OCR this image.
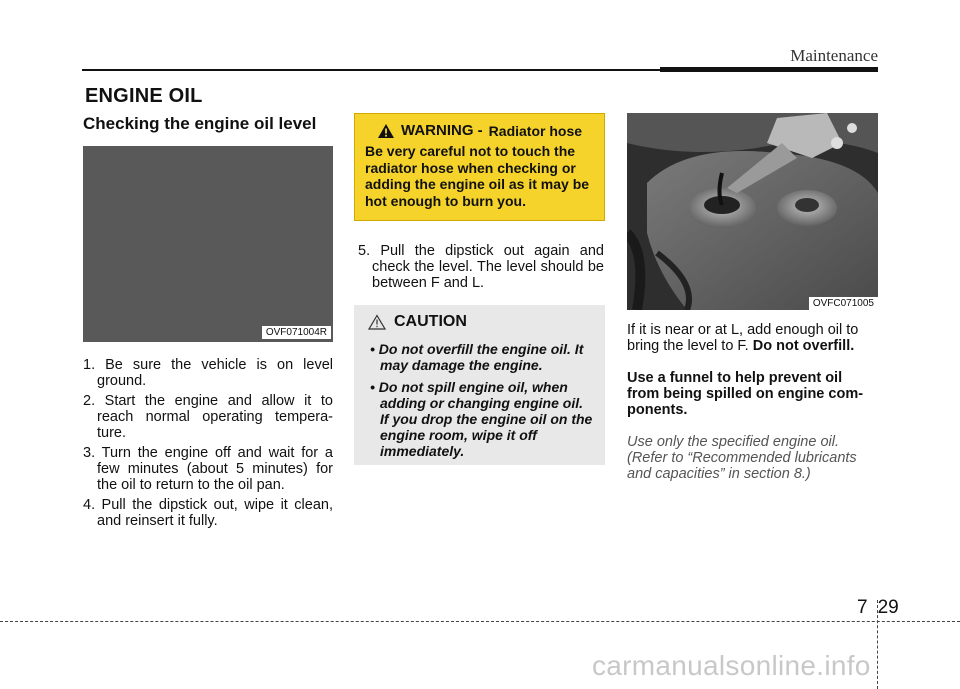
Maintenance
ENGINE OIL
Checking the engine oil level
OVF071004R
1. Be sure the vehicle is on level ground.
2. Start the engine and allow it to reach normal operating tempera-ture.
3. Turn the engine off and wait for a few minutes (about 5 minutes) for the oil to return to the oil pan.
4. Pull the dipstick out, wipe it clean, and reinsert it fully.
WARNING - Radiator hose
Be very careful not to touch the radiator hose when checking or adding the engine oil as it may be hot enough to burn you.
5. Pull the dipstick out again and check the level. The level should be between F and L.
CAUTION
• Do not overfill the engine oil. It may damage the engine.
• Do not spill engine oil, when adding or changing engine oil. If you drop the engine oil on the engine room, wipe it off immediately.
OVFC071005

If it is near or at L, add enough oil to bring the level to F. Do not overfill.

Use a funnel to help prevent oil from being spilled on engine com-ponents.

Use only the specified engine oil. (Refer to “Recommended lubricants and capacities” in section 8.)

7 29
carmanualsonline.info
